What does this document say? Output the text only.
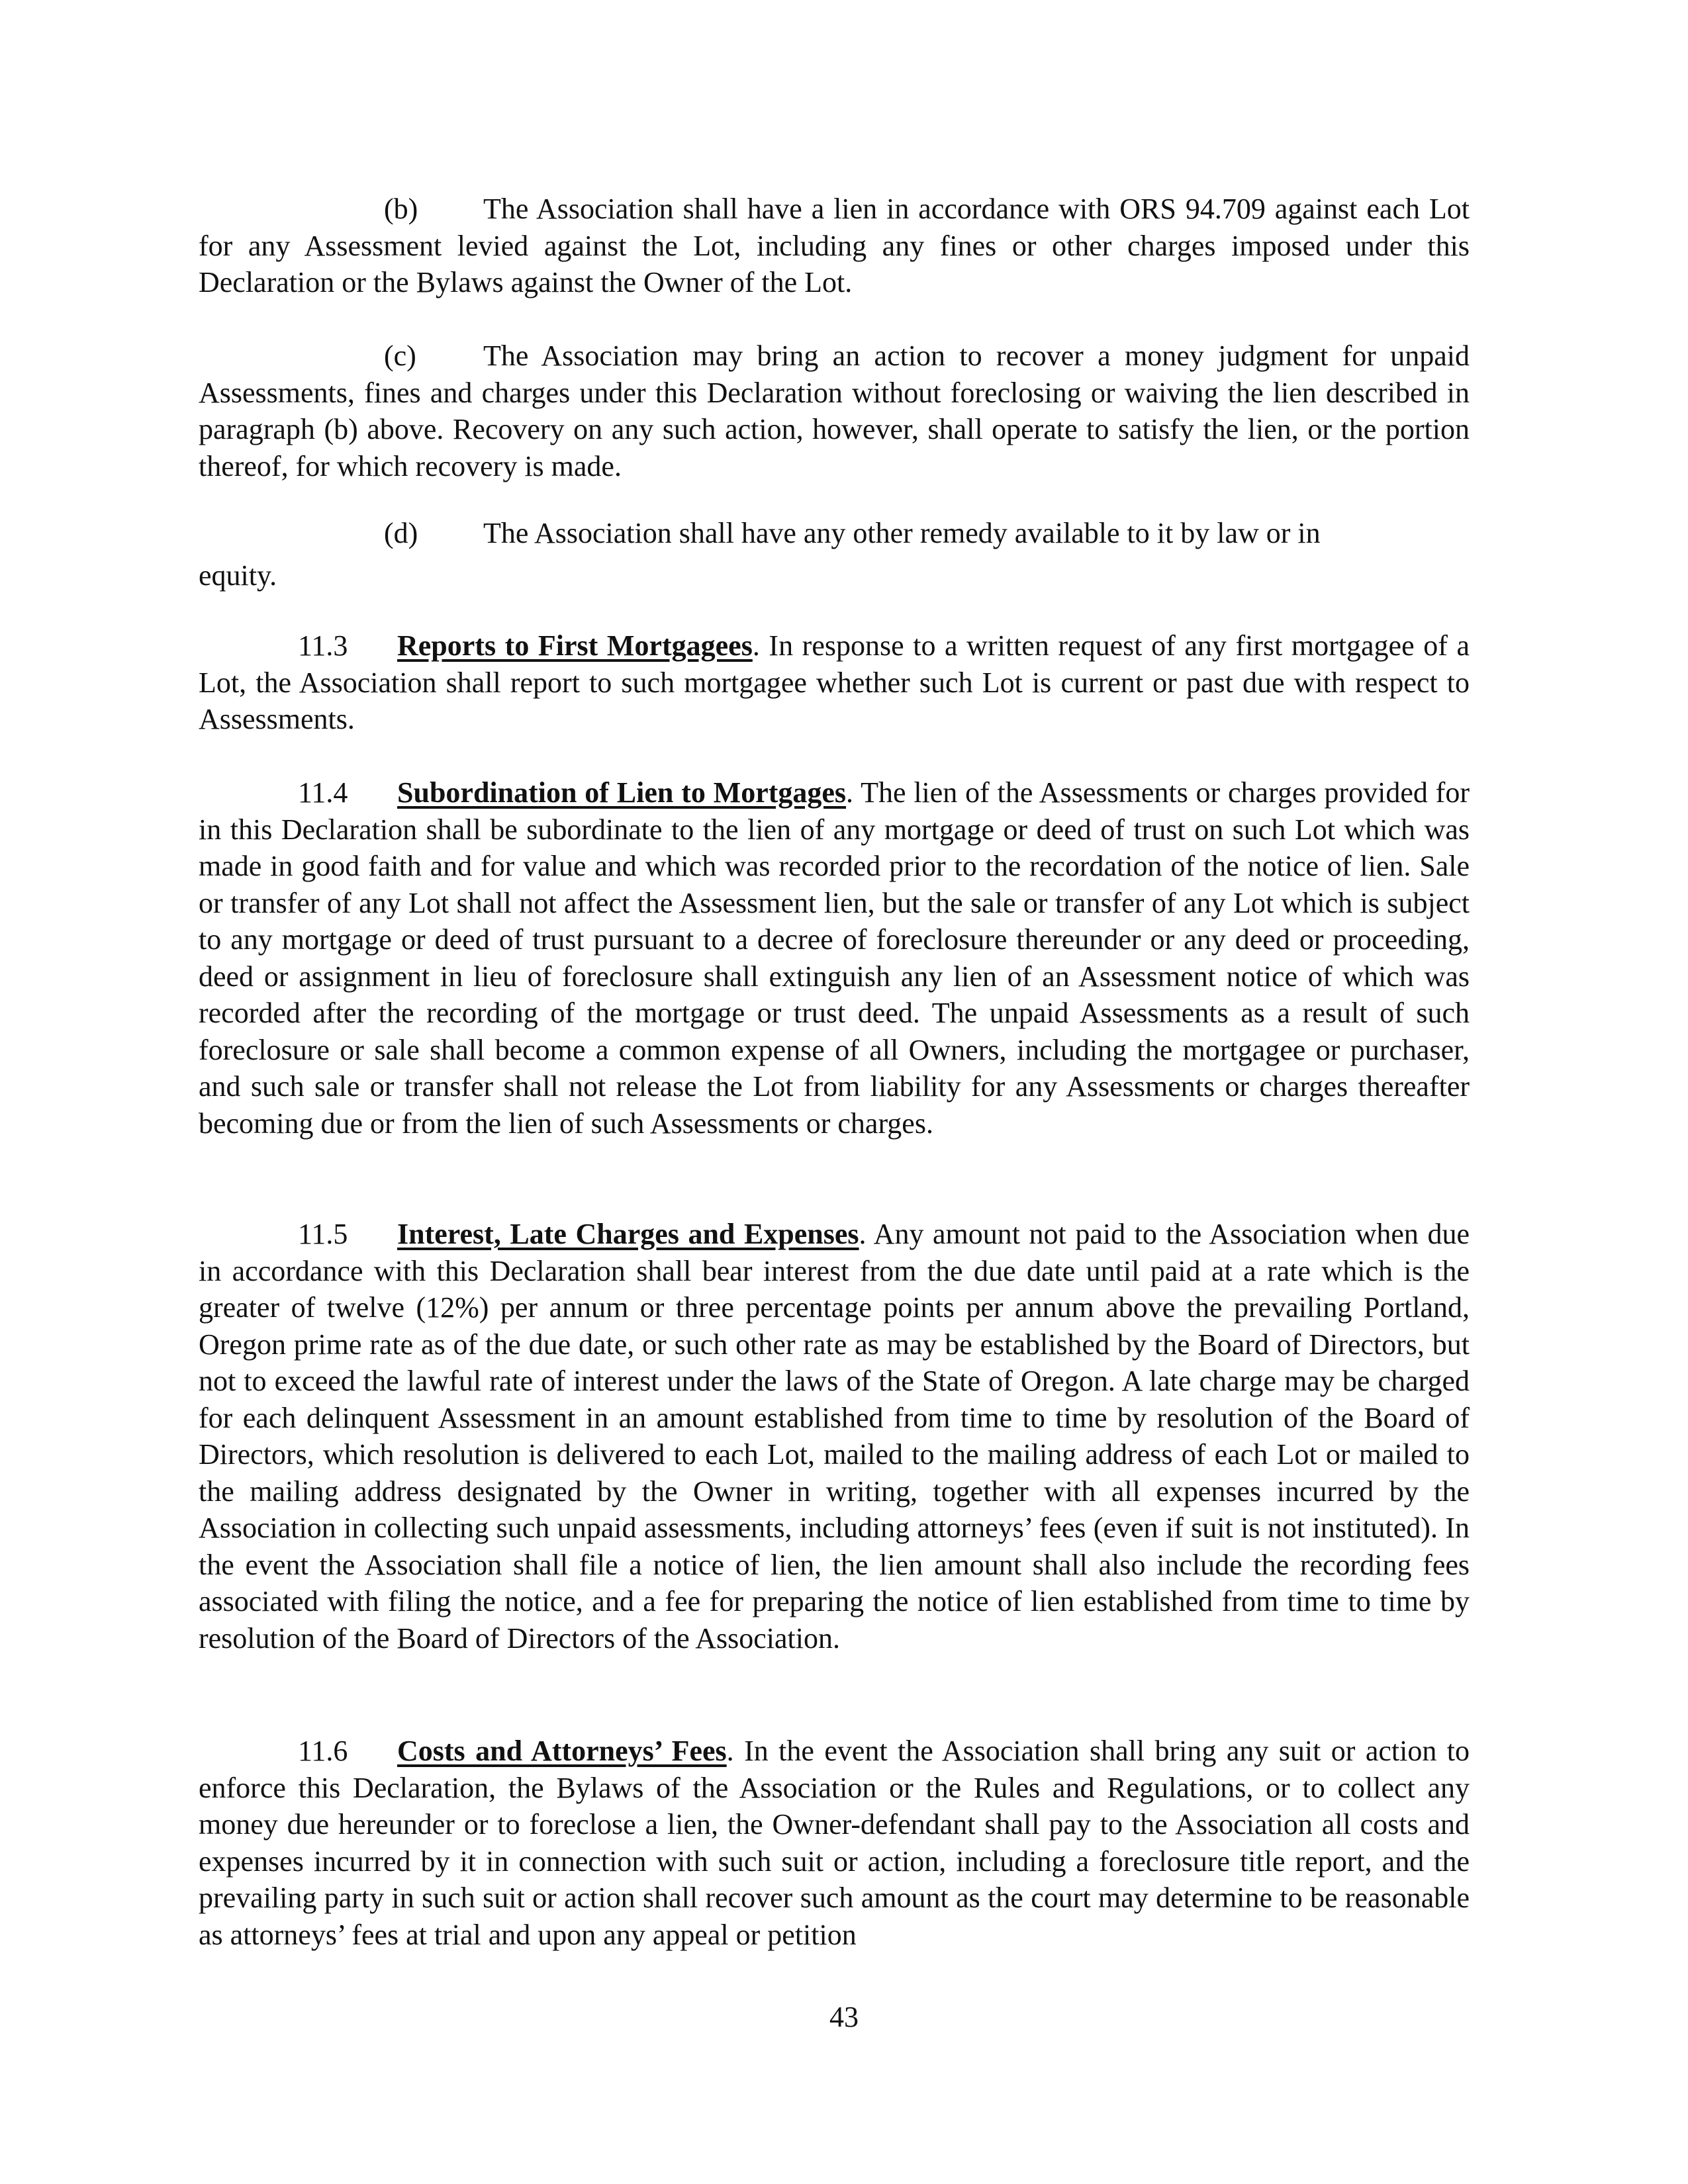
(b) The Association shall have a lien in accordance with ORS 94.709 against each Lot for any Assessment levied against the Lot, including any fines or other charges imposed under this Declaration or the Bylaws against the Owner of the Lot.

(c) The Association may bring an action to recover a money judgment for unpaid Assessments, fines and charges under this Declaration without foreclosing or waiving the lien described in paragraph (b) above. Recovery on any such action, however, shall operate to satisfy the lien, or the portion thereof, for which recovery is made.

(d) The Association shall have any other remedy available to it by law or in

equity.

11.3 Reports to First Mortgagees. In response to a written request of any first mortgagee of a Lot, the Association shall report to such mortgagee whether such Lot is current or past due with respect to Assessments.

11.4 Subordination of Lien to Mortgages. The lien of the Assessments or charges provided for in this Declaration shall be subordinate to the lien of any mortgage or deed of trust on such Lot which was made in good faith and for value and which was recorded prior to the recordation of the notice of lien. Sale or transfer of any Lot shall not affect the Assessment lien, but the sale or transfer of any Lot which is subject to any mortgage or deed of trust pursuant to a decree of foreclosure thereunder or any deed or proceeding, deed or assignment in lieu of foreclosure shall extinguish any lien of an Assessment notice of which was recorded after the recording of the mortgage or trust deed. The unpaid Assessments as a result of such foreclosure or sale shall become a common expense of all Owners, including the mortgagee or purchaser, and such sale or transfer shall not release the Lot from liability for any Assessments or charges thereafter becoming due or from the lien of such Assessments or charges.

11.5 Interest, Late Charges and Expenses. Any amount not paid to the Association when due in accordance with this Declaration shall bear interest from the due date until paid at a rate which is the greater of twelve (12%) per annum or three percentage points per annum above the prevailing Portland, Oregon prime rate as of the due date, or such other rate as may be established by the Board of Directors, but not to exceed the lawful rate of interest under the laws of the State of Oregon. A late charge may be charged for each delinquent Assessment in an amount established from time to time by resolution of the Board of Directors, which resolution is delivered to each Lot, mailed to the mailing address of each Lot or mailed to the mailing address designated by the Owner in writing, together with all expenses incurred by the Association in collecting such unpaid assessments, including attorneys’ fees (even if suit is not instituted). In the event the Association shall file a notice of lien, the lien amount shall also include the recording fees associated with filing the notice, and a fee for preparing the notice of lien established from time to time by resolution of the Board of Directors of the Association.

11.6 Costs and Attorneys’ Fees. In the event the Association shall bring any suit or action to enforce this Declaration, the Bylaws of the Association or the Rules and Regulations, or to collect any money due hereunder or to foreclose a lien, the Owner-defendant shall pay to the Association all costs and expenses incurred by it in connection with such suit or action, including a foreclosure title report, and the prevailing party in such suit or action shall recover such amount as the court may determine to be reasonable as attorneys’ fees at trial and upon any appeal or petition

43
